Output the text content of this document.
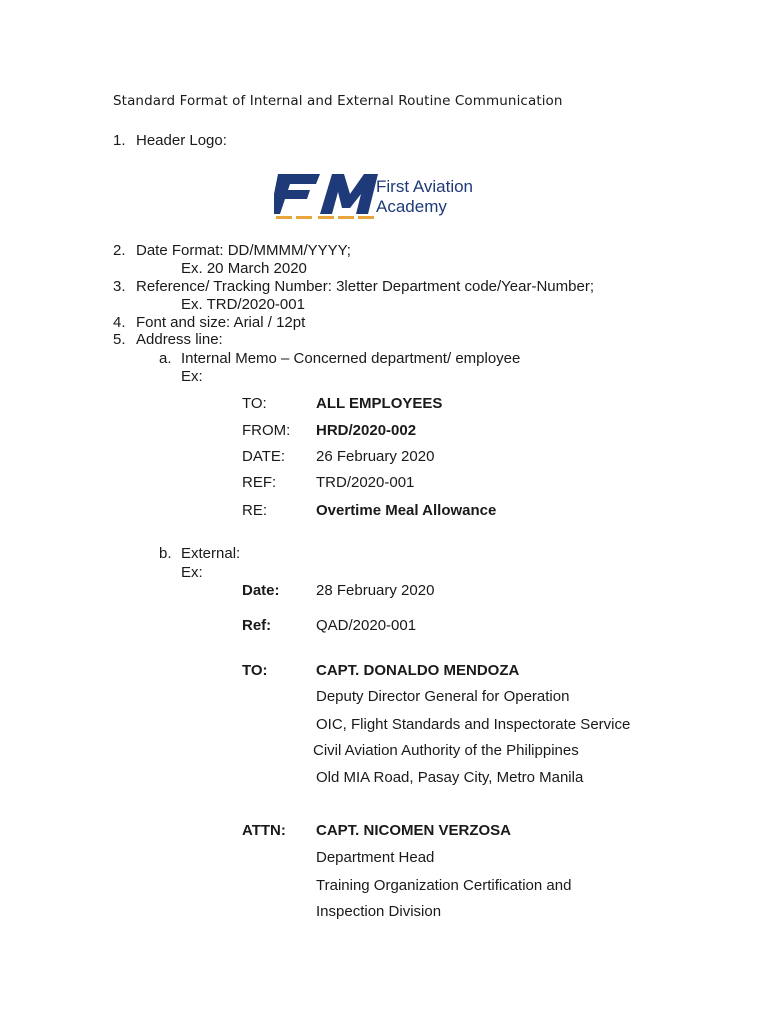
Standard Format of Internal and External Routine Communication
1. Header Logo:
First Aviation
Academy
2. Date Format: DD/MMMM/YYYY;
Ex. 20 March 2020
3. Reference/ Tracking Number: 3letter Department code/Year-Number;
Ex. TRD/2020-001
4. Font and size: Arial / 12pt
5. Address line:
a. Internal Memo – Concerned department/ employee
Ex:
TO:	ALL EMPLOYEES
FROM: HRD/2020-002
DATE: 26 February 2020
REF:	TRD/2020-001
RE:	Overtime Meal Allowance
b. External:
Ex:
Date: 28 February 2020
Ref:	QAD/2020-001
TO:	CAPT. DONALDO MENDOZA
Deputy Director General for Operation
OIC, Flight Standards and Inspectorate Service
Civil Aviation Authority of the Philippines
Old MIA Road, Pasay City, Metro Manila
ATTN: CAPT. NICOMEN VERZOSA
Department Head
Training Organization Certification and
Inspection Division
